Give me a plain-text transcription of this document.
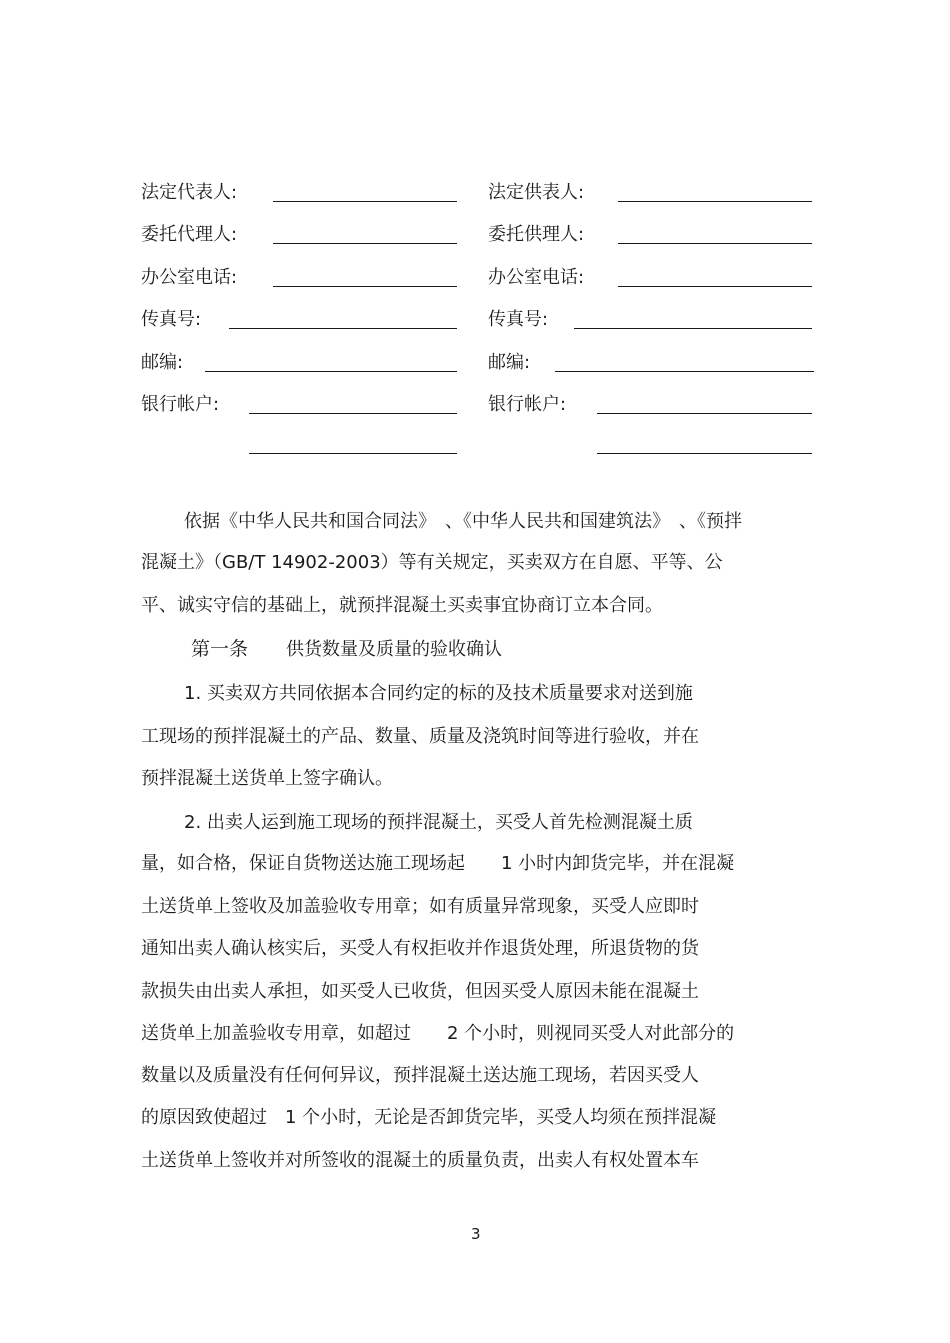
法定代表人:
委托代理人:
办公室电话:
传真号:
邮编:
银行帐户:
法定供表人:
委托供理人:
办公室电话:
传真号:
邮编:
银行帐户:
依据《中华人民共和国合同法》　、《中华人民共和国建筑法》　、《预拌
混凝土》（GB/T 14902-2003）等有关规定，买卖双方在自愿、平等、公
平、诚实守信的基础上，就预拌混凝土买卖事宜协商订立本合同。
第一条 供货数量及质量的验收确认
1. 买卖双方共同依据本合同约定的标的及技术质量要求对送到施
工现场的预拌混凝土的产品、数量、质量及浇筑时间等进行验收，并在
预拌混凝土送货单上签字确认。
2. 出卖人运到施工现场的预拌混凝土，买受人首先检测混凝土质
量，如合格，保证自货物送达施工现场起　　1 小时内卸货完毕，并在混凝
土送货单上签收及加盖验收专用章；如有质量异常现象，买受人应即时
通知出卖人确认核实后，买受人有权拒收并作退货处理，所退货物的货
款损失由出卖人承担，如买受人已收货，但因买受人原因未能在混凝土
送货单上加盖验收专用章，如超过　　2 个小时，则视同买受人对此部分的
数量以及质量没有任何何异议，预拌混凝土送达施工现场，若因买受人
的原因致使超过　1 个小时，无论是否卸货完毕，买受人均须在预拌混凝
土送货单上签收并对所签收的混凝土的质量负责，出卖人有权处置本车
3
